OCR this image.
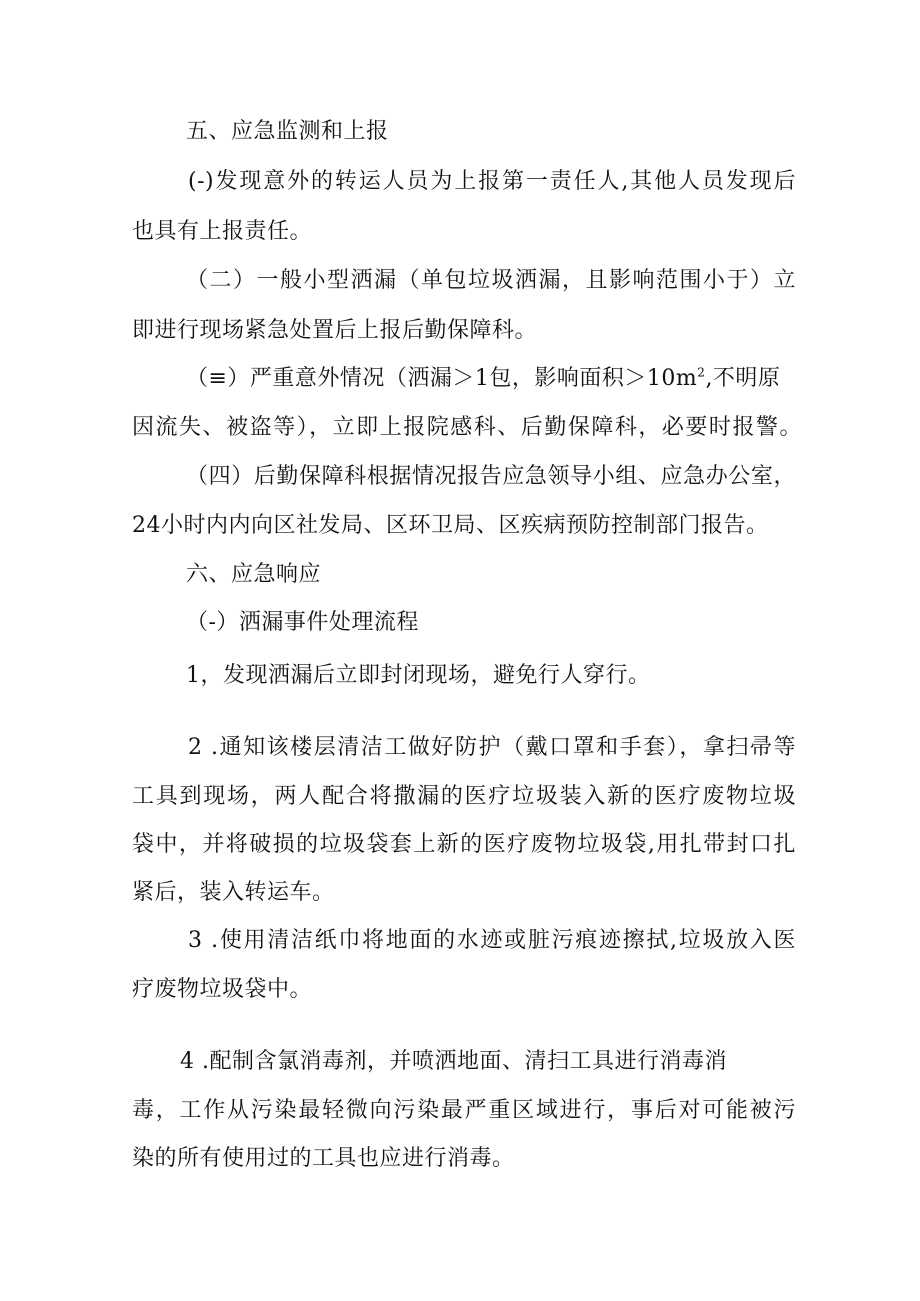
五、应急监测和上报
(-)发现意外的转运人员为上报第一责任人,其他人员发现后
也具有上报责任。
（二）一般小型洒漏（单包垃圾洒漏，且影响范围小于）立
即进行现场紧急处置后上报后勤保障科。
（≡）严重意外情况（洒漏＞1包，影响面积$>10m^2$,不明原
因流失、被盗等），立即上报院感科、后勤保障科，必要时报警。
（四）后勤保障科根据情况报告应急领导小组、应急办公室，
24小时内内向区社发局、区环卫局、区疾病预防控制部门报告。
六、应急响应
（-）洒漏事件处理流程
1，发现洒漏后立即封闭现场，避免行人穿行。
2 .通知该楼层清洁工做好防护（戴口罩和手套），拿扫帚等
工具到现场，两人配合将撒漏的医疗垃圾装入新的医疗废物垃圾
袋中，并将破损的垃圾袋套上新的医疗废物垃圾袋,用扎带封口扎
紧后，装入转运车。
3 .使用清洁纸巾将地面的水迹或脏污痕迹擦拭,垃圾放入医
疗废物垃圾袋中。
4 .配制含氯消毒剂，并喷洒地面、清扫工具进行消毒消
毒，工作从污染最轻微向污染最严重区域进行，事后对可能被污
染的所有使用过的工具也应进行消毒。
